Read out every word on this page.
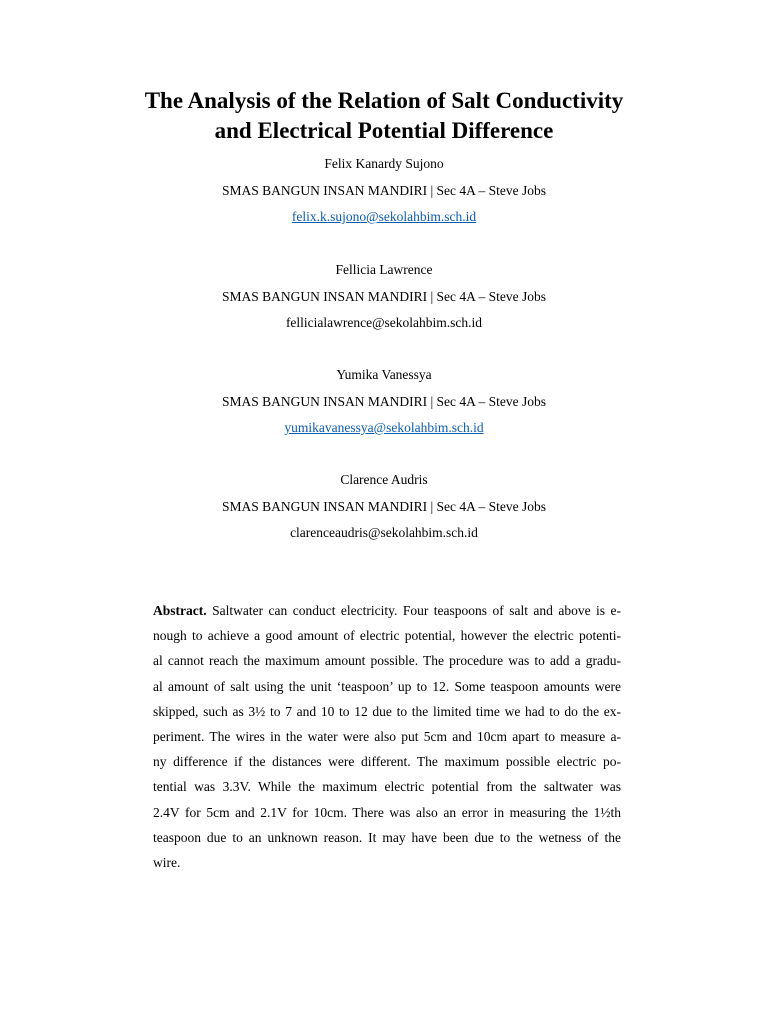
The Analysis of the Relation of Salt Conductivity
and Electrical Potential Difference
Felix Kanardy Sujono
SMAS BANGUN INSAN MANDIRI | Sec 4A – Steve Jobs
felix.k.sujono@sekolahbim.sch.id
Fellicia Lawrence
SMAS BANGUN INSAN MANDIRI | Sec 4A – Steve Jobs
fellicialawrence@sekolahbim.sch.id
Yumika Vanessya
SMAS BANGUN INSAN MANDIRI | Sec 4A – Steve Jobs
yumikavanessya@sekolahbim.sch.id
Clarence Audris
SMAS BANGUN INSAN MANDIRI | Sec 4A – Steve Jobs
clarenceaudris@sekolahbim.sch.id
Abstract. Saltwater can conduct electricity. Four teaspoons of salt and above is e-
nough to achieve a good amount of electric potential, however the electric potenti-
al cannot reach the maximum amount possible. The procedure was to add a gradu-
al amount of salt using the unit ‘teaspoon’ up to 12. Some teaspoon amounts were
skipped, such as 3½ to 7 and 10 to 12 due to the limited time we had to do the ex-
periment. The wires in the water were also put 5cm and 10cm apart to measure a-
ny difference if the distances were different. The maximum possible electric po-
tential was 3.3V. While the maximum electric potential from the saltwater was
2.4V for 5cm and 2.1V for 10cm. There was also an error in measuring the 1½th
teaspoon due to an unknown reason. It may have been due to the wetness of the
wire.
